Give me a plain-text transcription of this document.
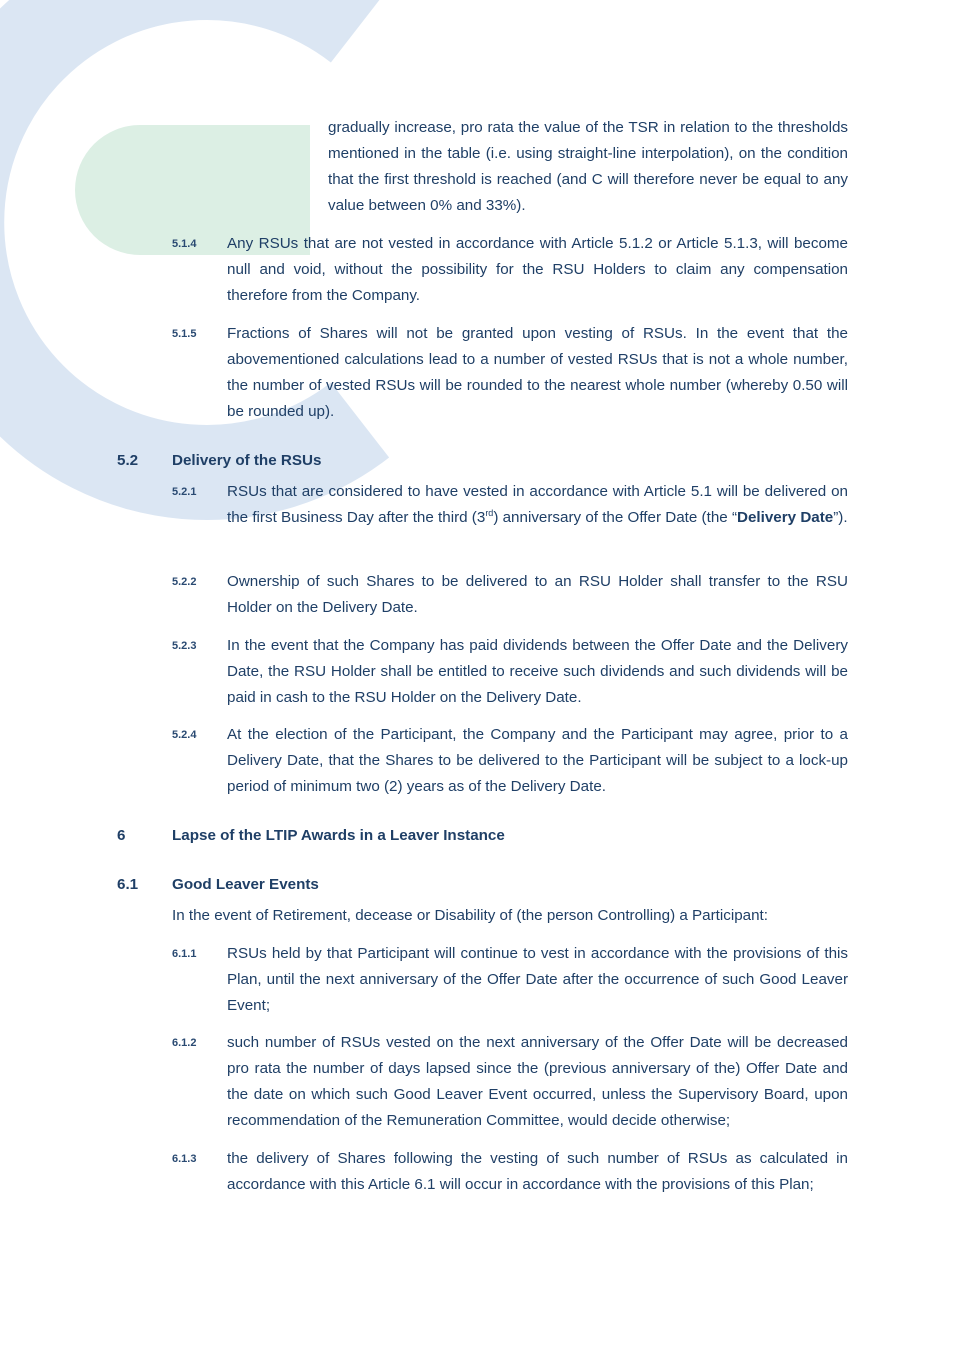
gradually increase, pro rata the value of the TSR in relation to the thresholds mentioned in the table (i.e. using straight-line interpolation), on the condition that the first threshold is reached (and C will therefore never be equal to any value between 0% and 33%).

5.1.4 Any RSUs that are not vested in accordance with Article 5.1.2 or Article 5.1.3, will become null and void, without the possibility for the RSU Holders to claim any compensation therefore from the Company.

5.1.5 Fractions of Shares will not be granted upon vesting of RSUs. In the event that the abovementioned calculations lead to a number of vested RSUs that is not a whole number, the number of vested RSUs will be rounded to the nearest whole number (whereby 0.50 will be rounded up).

5.2 Delivery of the RSUs
5.2.1 RSUs that are considered to have vested in accordance with Article 5.1 will be delivered on the first Business Day after the third (3rd) anniversary of the Offer Date (the “Delivery Date”).

5.2.2 Ownership of such Shares to be delivered to an RSU Holder shall transfer to the RSU Holder on the Delivery Date.

5.2.3 In the event that the Company has paid dividends between the Offer Date and the Delivery Date, the RSU Holder shall be entitled to receive such dividends and such dividends will be paid in cash to the RSU Holder on the Delivery Date.

5.2.4 At the election of the Participant, the Company and the Participant may agree, prior to a Delivery Date, that the Shares to be delivered to the Participant will be subject to a lock-up period of minimum two (2) years as of the Delivery Date.

6	Lapse of the LTIP Awards in a Leaver Instance
6.1 Good Leaver Events

In the event of Retirement, decease or Disability of (the person Controlling) a Participant:

6.1.1 RSUs held by that Participant will continue to vest in accordance with the provisions of this Plan, until the next anniversary of the Offer Date after the occurrence of such Good Leaver Event;

6.1.2 such number of RSUs vested on the next anniversary of the Offer Date will be decreased pro rata the number of days lapsed since the (previous anniversary of the) Offer Date and the date on which such Good Leaver Event occurred, unless the Supervisory Board, upon recommendation of the Remuneration Committee, would decide otherwise;

6.1.3 the delivery of Shares following the vesting of such number of RSUs as calculated in accordance with this Article 6.1 will occur in accordance with the provisions of this Plan;
